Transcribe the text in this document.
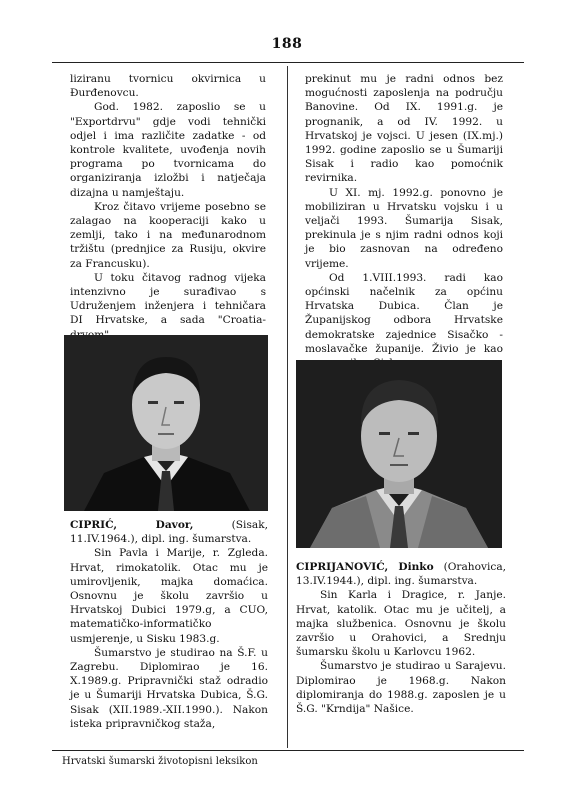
188

liziranu tvornicu okvirnica u Đurđenovcu.

God. 1982. zaposlio se u "Exportdrvu" gdje vodi tehnički odjel i ima različite zadatke - od kontrole kvalitete, uvođenja novih programa po tvornicama do organiziranja izložbi i natječaja dizajna u namještaju.

Kroz čitavo vrijeme posebno se zalagao na kooperaciji kako u zemlji, tako i na međunarodnom tržištu (prednjice za Rusiju, okvire za Francusku).

U toku čitavog radnog vijeka intenzivno je surađivao s Udruženjem inženjera i tehničara DI Hrvatske, a sada "Croatia-

prekinut mu je radni odnos bez mogućnosti zaposlenja na području Banovine. Od IX. 1991.g. je prognanik, a od IV. 1992. u Hrvatskoj je vojsci. U jesen (IX.mj.) 1992. godine zaposlio se u Šumariji Sisak i radio kao pomoćnik revirnika.

U XI. mj. 1992.g. ponovno je mobiliziran u Hrvatsku vojsku i u veljači 1993. Šumarija Sisak, prekinula je s njim radni odnos koji je bio zasnovan na određeno vrijeme.

Od 1.VIII.1993. radi kao općinski načelnik za općinu Hrvatska Dubica. Član je Županijskog odbora Hrvatske demokratske zajednice Sisačko - moslavačke županije. Živio je kao

CIPRIĆ, Davor, (Sisak, 11.IV.1964.), dipl. ing. šumarstva.

Sin Pavla i Marije, r. Zgleda. Hrvat, rimokatolik. Otac mu je umirovljenik, majka domaćica. Osnovnu je školu završio u Hrvatskoj Dubici 1979.g, a CUO, matematičko-informatičko usmjerenje, u Sisku 1983.g.

Šumarstvo je studirao na Š.F. u Zagrebu. Diplomirao je 16. X.1989.g. Pripravnički staž odradio je u Šumariji Hrvatska Dubica, Š.G. Sisak (XII.1989.-XII.1990.). Nakon isteka pripravničkog staža,

CIPRIJANOVIĆ, Dinko (Orahovica, 13.IV.1944.), dipl. ing. šumarstva.

Sin Karla i Dragice, r. Janje. Hrvat, katolik. Otac mu je učitelj, a majka službenica. Osnovnu je školu završio u Orahovici, a Srednju šumarsku školu u Karlovcu 1962.

Šumarstvo je studirao u Sarajevu. Diplomirao je 1968.g. Nakon diplomiranja do 1988.g. zaposlen je u Š.G. "Krndija" Našice.

Hrvatski šumarski životopisni leksikon
